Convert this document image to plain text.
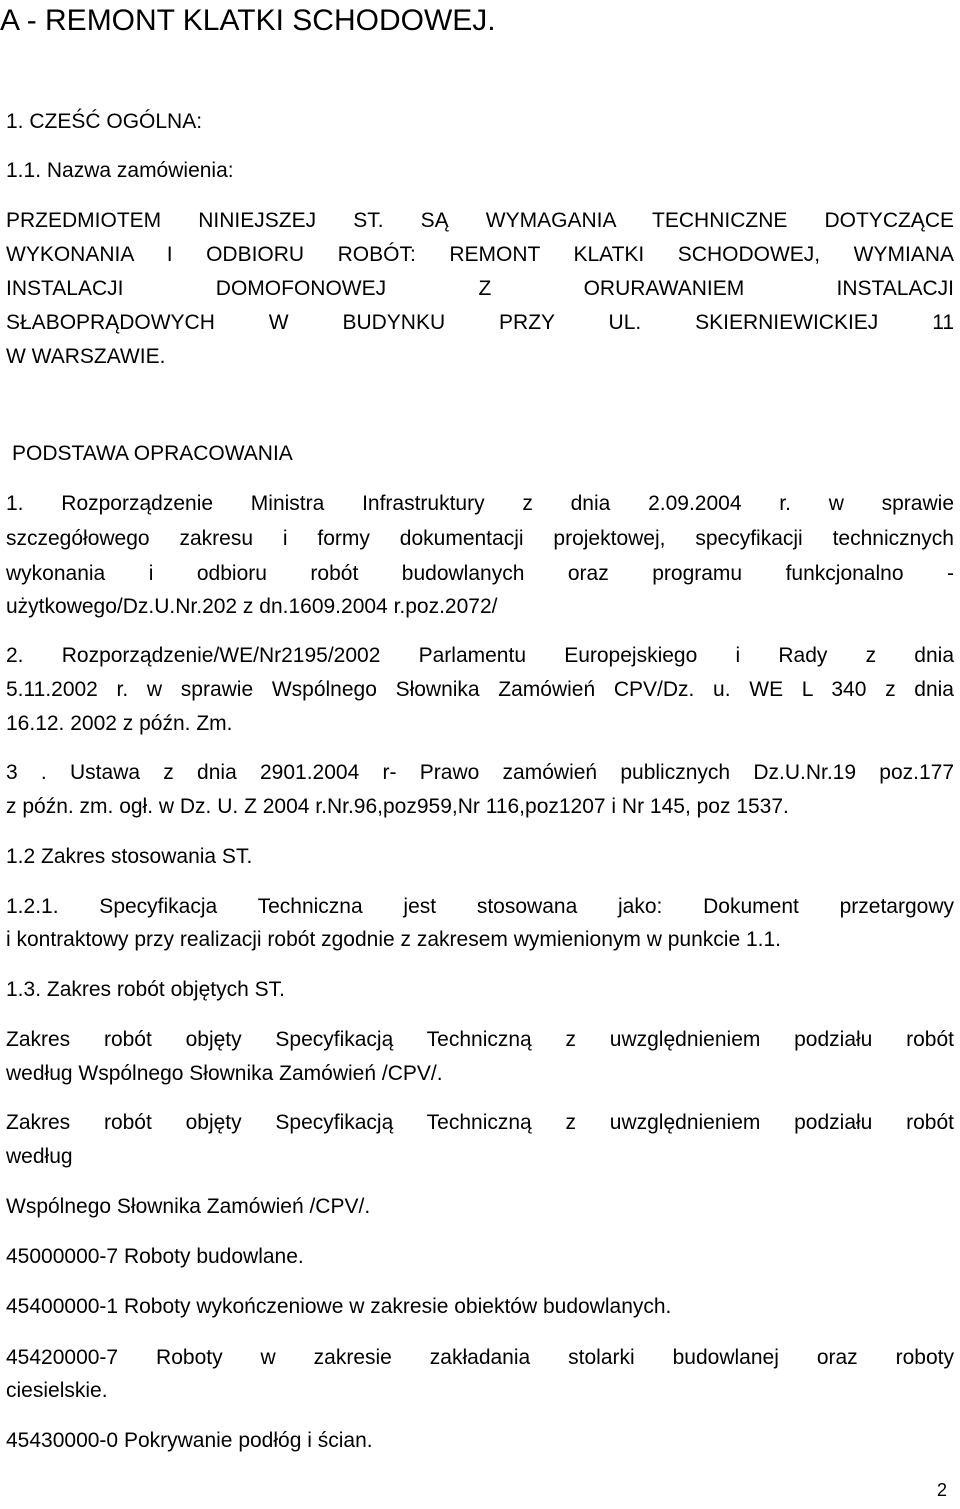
A - REMONT KLATKI SCHODOWEJ.
1. CZEŚĆ OGÓLNA:
1.1. Nazwa zamówienia:
PRZEDMIOTEM NINIEJSZEJ ST. SĄ WYMAGANIA TECHNICZNE DOTYCZĄCE
WYKONANIA I ODBIORU ROBÓT: REMONT KLATKI SCHODOWEJ, WYMIANA
INSTALACJI DOMOFONOWEJ Z ORURAWANIEM INSTALACJI
SŁABOPRĄDOWYCH W BUDYNKU PRZY UL. SKIERNIEWICKIEJ 11
W WARSZAWIE.
PODSTAWA OPRACOWANIA
1. Rozporządzenie Ministra Infrastruktury z dnia 2.09.2004 r. w sprawie
szczegółowego zakresu i formy dokumentacji projektowej, specyfikacji technicznych
wykonania i odbioru robót budowlanych oraz programu funkcjonalno -
użytkowego/Dz.U.Nr.202 z dn.1609.2004 r.poz.2072/
2. Rozporządzenie/WE/Nr2195/2002 Parlamentu Europejskiego i Rady z dnia
5.11.2002 r. w sprawie Wspólnego Słownika Zamówień CPV/Dz. u. WE L 340 z dnia
16.12. 2002 z późn. Zm.
3 . Ustawa z dnia 2901.2004 r- Prawo zamówień publicznych Dz.U.Nr.19 poz.177
z późn. zm. ogł. w Dz. U. Z 2004 r.Nr.96,poz959,Nr 116,poz1207 i Nr 145, poz 1537.
1.2 Zakres stosowania ST.
1.2.1. Specyfikacja Techniczna jest stosowana jako: Dokument przetargowy
i kontraktowy przy realizacji robót zgodnie z zakresem wymienionym w punkcie 1.1.
1.3. Zakres robót objętych ST.
Zakres robót objęty Specyfikacją Techniczną z uwzględnieniem podziału robót
według Wspólnego Słownika Zamówień /CPV/.
Zakres robót objęty Specyfikacją Techniczną z uwzględnieniem podziału robót
według
Wspólnego Słownika Zamówień /CPV/.
45000000-7 Roboty budowlane.
45400000-1 Roboty wykończeniowe w zakresie obiektów budowlanych.
45420000-7 Roboty w zakresie zakładania stolarki budowlanej oraz roboty
ciesielskie.
45430000-0 Pokrywanie podłóg i ścian.
2
